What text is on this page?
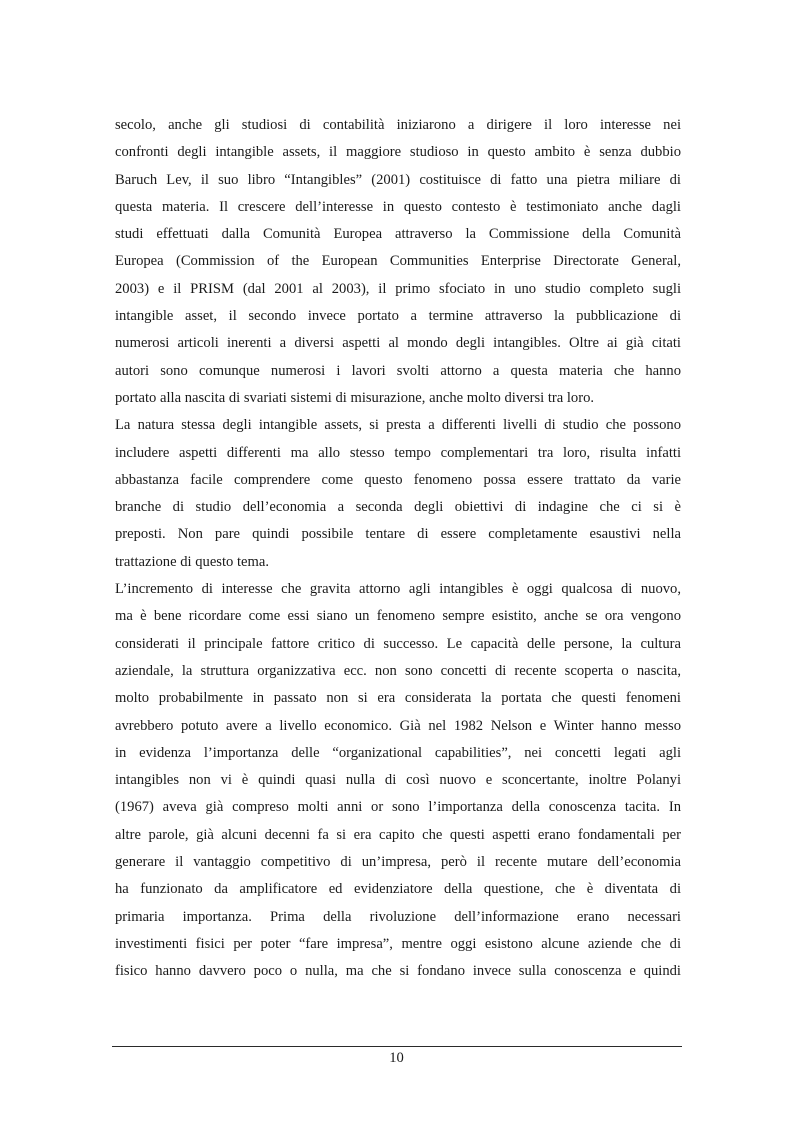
secolo, anche gli studiosi di contabilità iniziarono a dirigere il loro interesse nei
confronti degli intangible assets, il maggiore studioso in questo ambito è senza dubbio
Baruch Lev, il suo libro “Intangibles” (2001) costituisce di fatto una pietra miliare di
questa materia. Il crescere dell’interesse in questo contesto è testimoniato anche dagli
studi effettuati dalla Comunità Europea attraverso la Commissione della Comunità
Europea (Commission of the European Communities Enterprise Directorate General,
2003) e il PRISM (dal 2001 al 2003), il primo sfociato in uno studio completo sugli
intangible asset, il secondo invece portato a termine attraverso la pubblicazione di
numerosi articoli inerenti a diversi aspetti al mondo degli intangibles. Oltre ai già citati
autori sono comunque numerosi i lavori svolti attorno a questa materia che hanno
portato alla nascita di svariati sistemi di misurazione, anche molto diversi tra loro.

La natura stessa degli intangible assets, si presta a differenti livelli di studio che possono
includere aspetti differenti ma allo stesso tempo complementari tra loro, risulta infatti
abbastanza facile comprendere come questo fenomeno possa essere trattato da varie
branche di studio dell’economia a seconda degli obiettivi di indagine che ci si è
preposti. Non pare quindi possibile tentare di essere completamente esaustivi nella
trattazione di questo tema.

L’incremento di interesse che gravita attorno agli intangibles è oggi qualcosa di nuovo,
ma è bene ricordare come essi siano un fenomeno sempre esistito, anche se ora vengono
considerati il principale fattore critico di successo. Le capacità delle persone, la cultura
aziendale, la struttura organizzativa ecc. non sono concetti di recente scoperta o nascita,
molto probabilmente in passato non si era considerata la portata che questi fenomeni
avrebbero potuto avere a livello economico. Già nel 1982 Nelson e Winter hanno messo
in evidenza l’importanza delle “organizational capabilities”, nei concetti legati agli
intangibles non vi è quindi quasi nulla di così nuovo e sconcertante, inoltre Polanyi
(1967) aveva già compreso molti anni or sono l’importanza della conoscenza tacita. In
altre parole, già alcuni decenni fa si era capito che questi aspetti erano fondamentali per
generare il vantaggio competitivo di un’impresa, però il recente mutare dell’economia
ha funzionato da amplificatore ed evidenziatore della questione, che è diventata di
primaria importanza. Prima della rivoluzione dell’informazione erano necessari
investimenti fisici per poter “fare impresa”, mentre oggi esistono alcune aziende che di
fisico hanno davvero poco o nulla, ma che si fondano invece sulla conoscenza e quindi

10
